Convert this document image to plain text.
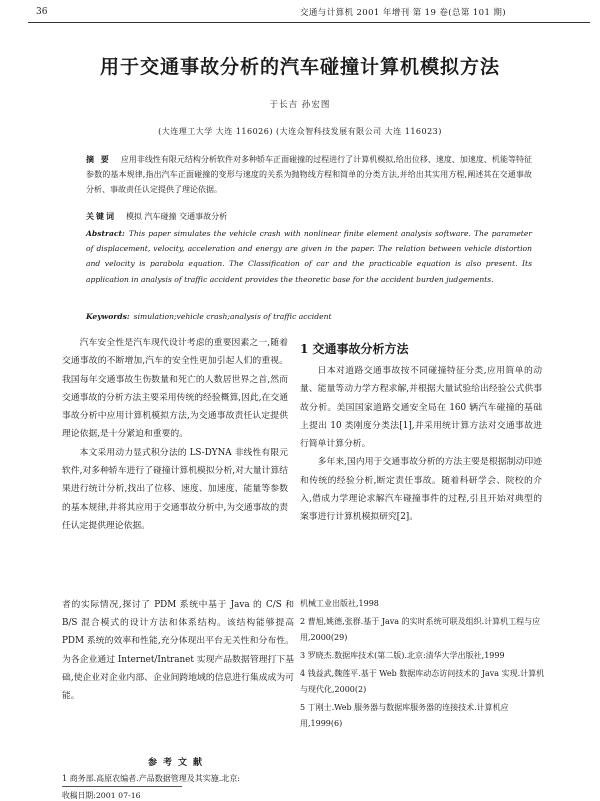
36	交通与计算机 2001 年增刊 第 19 卷(总第 101 期)
用于交通事故分析的汽车碰撞计算机模拟方法
于长吉 孙宏图
(大连理工大学 大连 116026) (大连众智科技发展有限公司 大连 116023)
摘 要 应用非线性有限元结构分析软件对多种轿车正面碰撞的过程进行了计算机模拟,给出位移、速度、加速度、机能等特征参数的基本规律,指出汽车正面碰撞的变形与速度的关系为抛物线方程和简单的分类方法,并给出其实用方程,阐述其在交通事故分析、事故责任认定提供了理论依据。
关键词 模拟 汽车碰撞 交通事故分析
Abstract: This paper simulates the vehicle crash with nonlinear finite element analysis software. The parameter of displacement, velocity, acceleration and energy are given in the paper. The relation between vehicle distortion and velocity is parabola equation. The Classification of car and the practicable equation is also present. Its application in analysis of traffic accident provides the theoretic base for the accident burden judgements.
Keywords: simulation;vehicle crash;analysis of traffic accident

汽车安全性是汽车现代设计考虑的重要因素之一,随着交通事故的不断增加,汽车的安全性更加引起人们的重视。我国每年交通事故生伤数量和死亡的人数居世界之首,然而交通事故的分析方法主要采用传统的经验概算,因此,在交通事故分析中应用计算机模拟方法,为交通事故责任认定提供理论依据,是十分紧迫和重要的。

本文采用动力显式积分法的 LS-DYNA 非线性有限元软件,对多种轿车进行了碰撞计算机模拟分析,对大量计算结果进行统计分析,找出了位移、速度、加速度、能量等参数的基本规律,并将其应用于交通事故分析中,为交通事故的责任认定提供理论依据。

1 交通事故分析方法

日本对道路交通事故按不同碰撞特征分类,应用简单的动量、能量等动力学方程求解,并根据大量试验给出经验公式供事故分析。美国国家道路交通安全局在 160 辆汽车碰撞的基础上提出 10 类刚度分类法[1],并采用统计算方法对交通事故进行简单计算分析。

多年来,国内用于交通事故分析的方法主要是根据制动印迹和传统的经验分析,断定责任事故。随着科研学会、院校的介入,借成力学理论求解汽车碰撞事件的过程,引且开始对典型的案事进行计算机模拟研究[2]。

者的实际情况,探讨了 PDM 系统中基于 Java 的 C/S 和 B/S 混合模式的设计方法和体系结构。该结构能够提高 PDM 系统的效率和性能,充分体现出平台无关性和分布性。为各企业通过 Internet/Intranet 实现产品数据管理打下基础,使企业对企业内部、企业间跨地域的信息进行集成成为可能。
参考文献
1 商务部.高原农编者.产品数据管理及其实施.北京:
收稿日期:2001 07-16
机械工业出版社,1998
2 曹旭,姚德,张群.基于 Java 的实时系统可联及组织.计算机工程与应用,2000(29)
3 罗晓杰.数据库技术(第二版).北京:清华大学出版社,1999
4 钱益武,魏莲平.基于 Web 数据库动态访问技术的 Java 实现.计算机与现代化,2000(2)
5 丁刚士.Web 服务器与数据库服务器的连接技术.计算机应用,1999(6)
